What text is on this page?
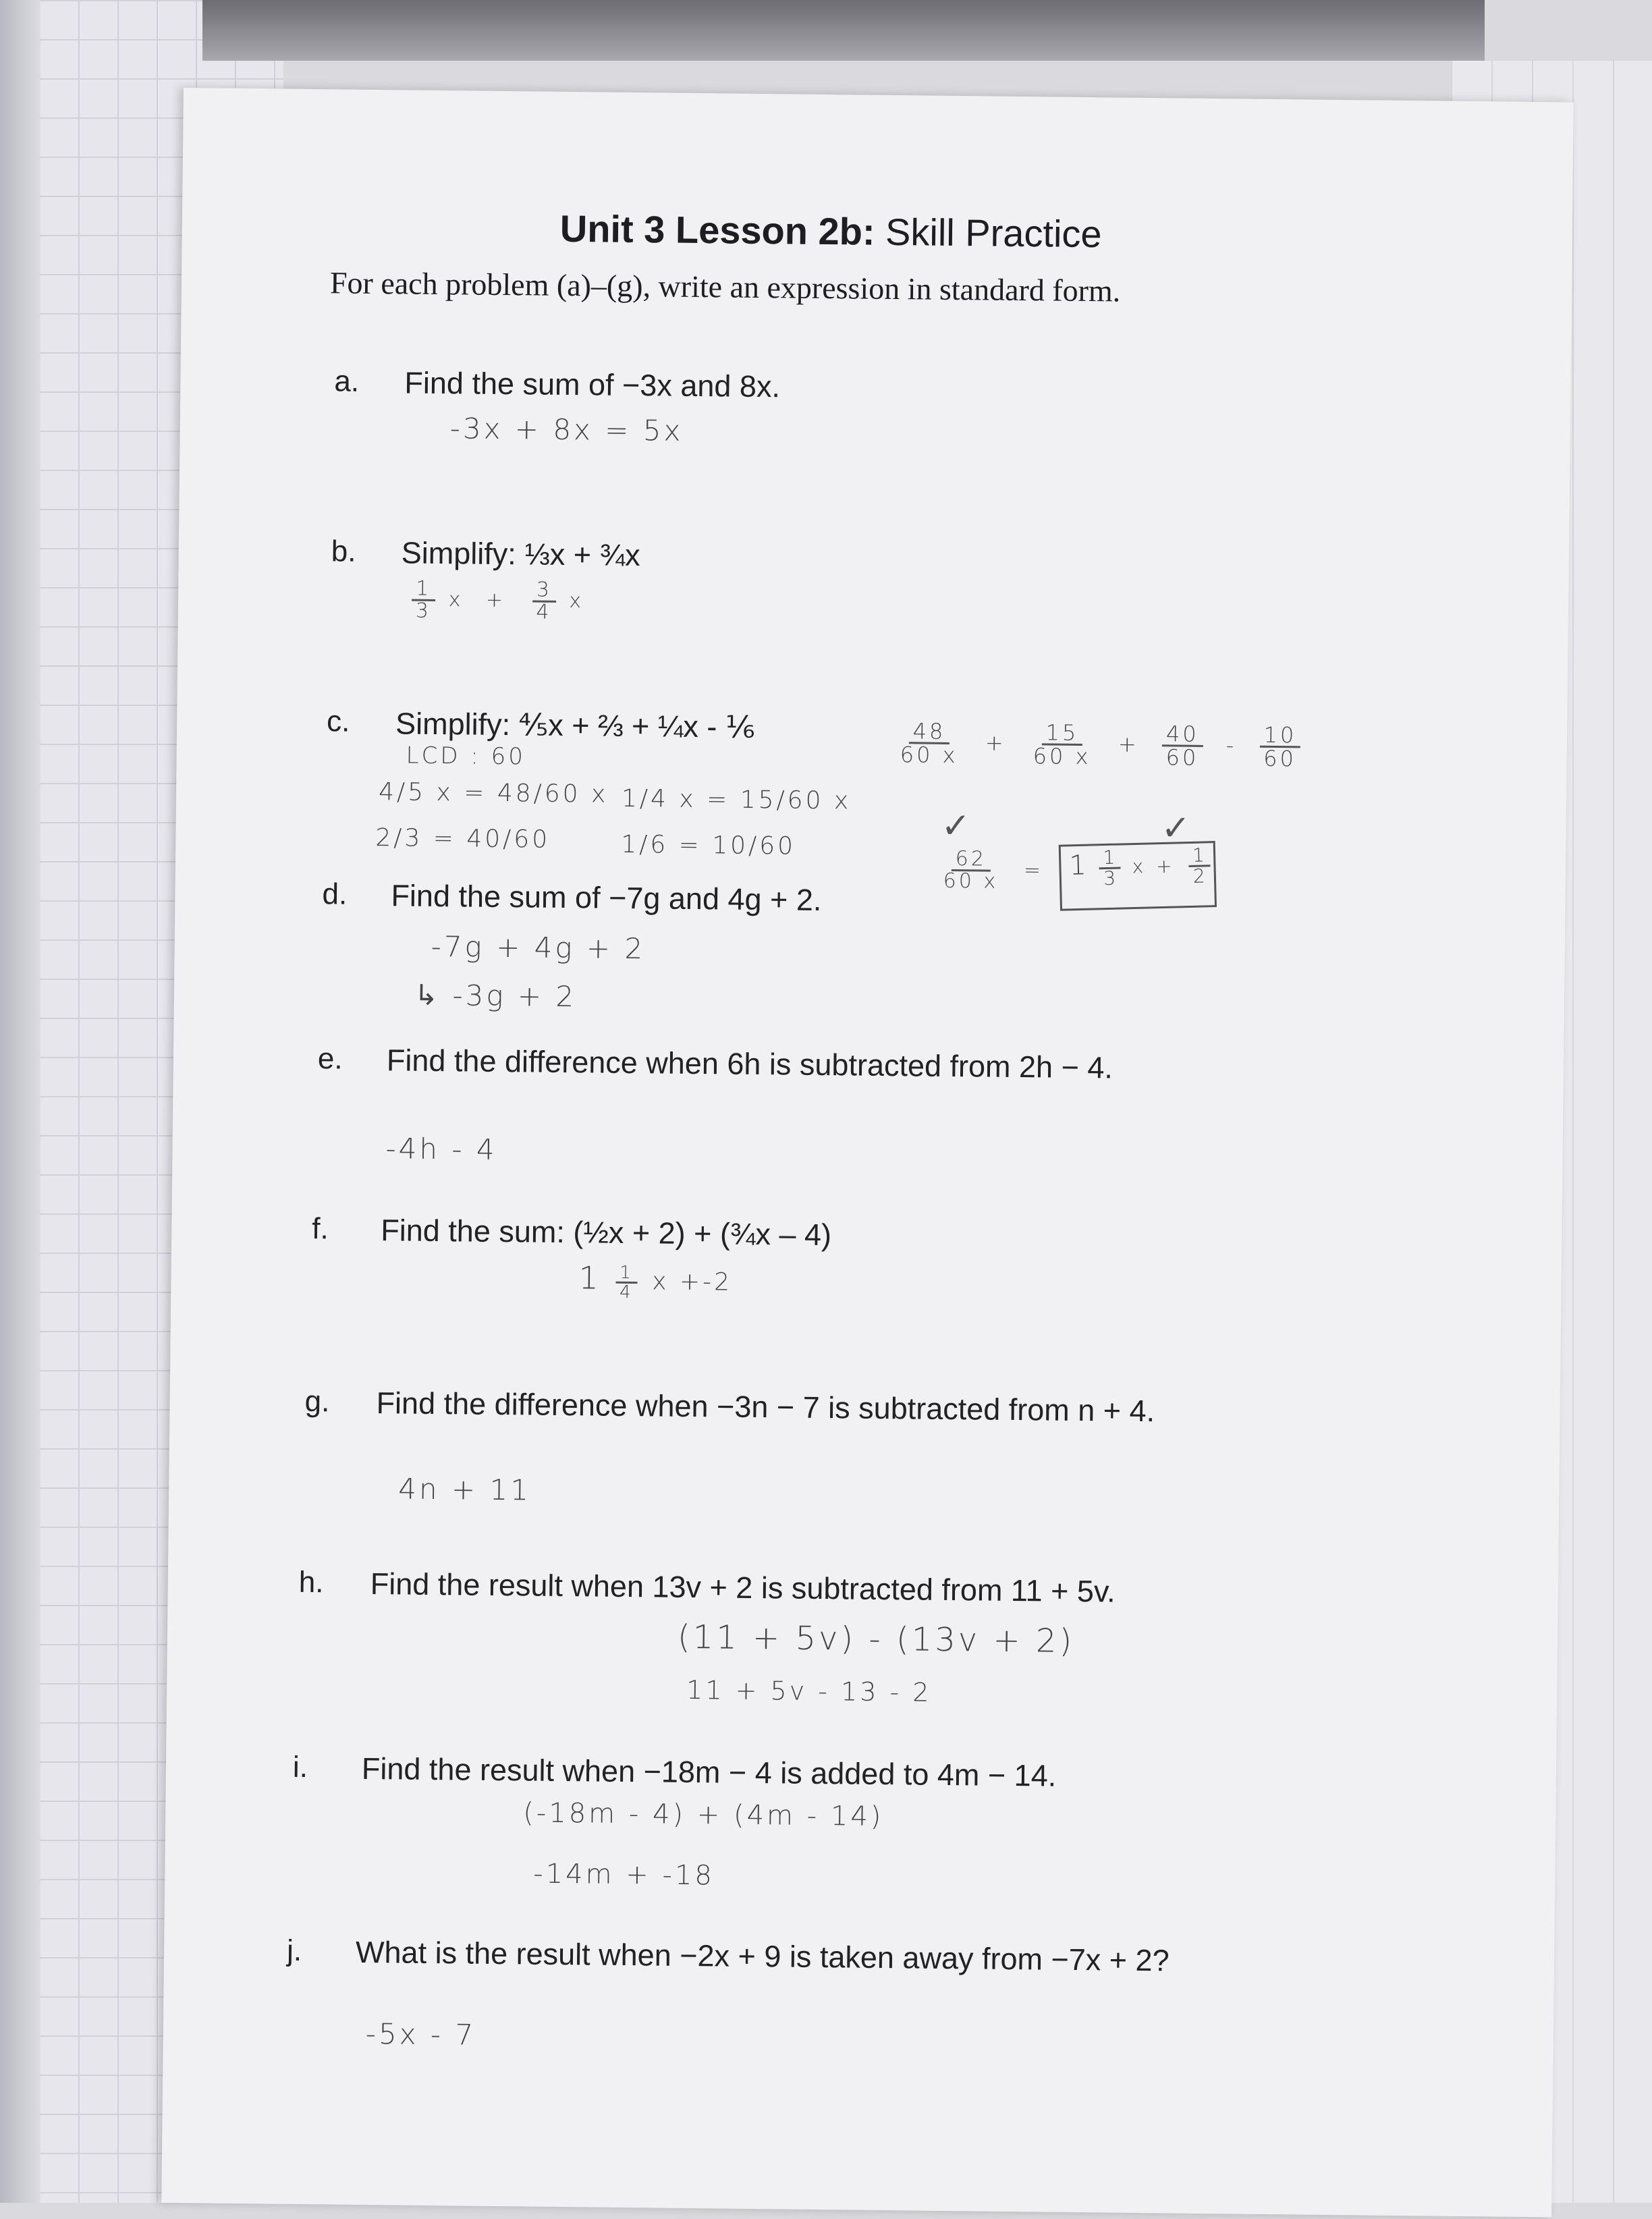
Unit 3 Lesson 2b: Skill Practice
For each problem (a)–(g), write an expression in standard form.
a. Find the sum of −3x and 8x.
-3x + 8x = 5x
b. Simplify: ⅓x + ¾x
$\frac{1}{3}$ $x + \frac{3}{4}$ x
c. Simplify: ⅘x + ⅔ + ¼x - ⅙
LCD : 60
4/5 x = 48/60 x 1/4 x = 15/60 x
2/3 = 40/60	1/6 = 10/60
$\frac{48}{60 x} + \frac{15}{60 x} + \frac{40}{60} - \frac{10}{60}$
✓	✓
$\frac{62}{60 x} = 1 \frac{1}{3}$ $x + \frac{1}{2}$
d. Find the sum of −7g and 4g + 2.
-7g + 4g + 2
↳ -3g + 2
e. Find the difference when 6h is subtracted from 2h − 4.
-4h - 4
f. Find the sum: (½x + 2) + (¾x – 4)
$1 \frac{1}{4}$ x +-2
g. Find the difference when −3n − 7 is subtracted from n + 4.
4n + 11
h. Find the result when 13v + 2 is subtracted from 11 + 5v.
(11 + 5v) - (13v + 2)
11 + 5v - 13 - 2
i. Find the result when −18m − 4 is added to 4m − 14.
(-18m - 4) + (4m - 14)
-14m + -18
j. What is the result when −2x + 9 is taken away from −7x + 2?
-5x - 7
